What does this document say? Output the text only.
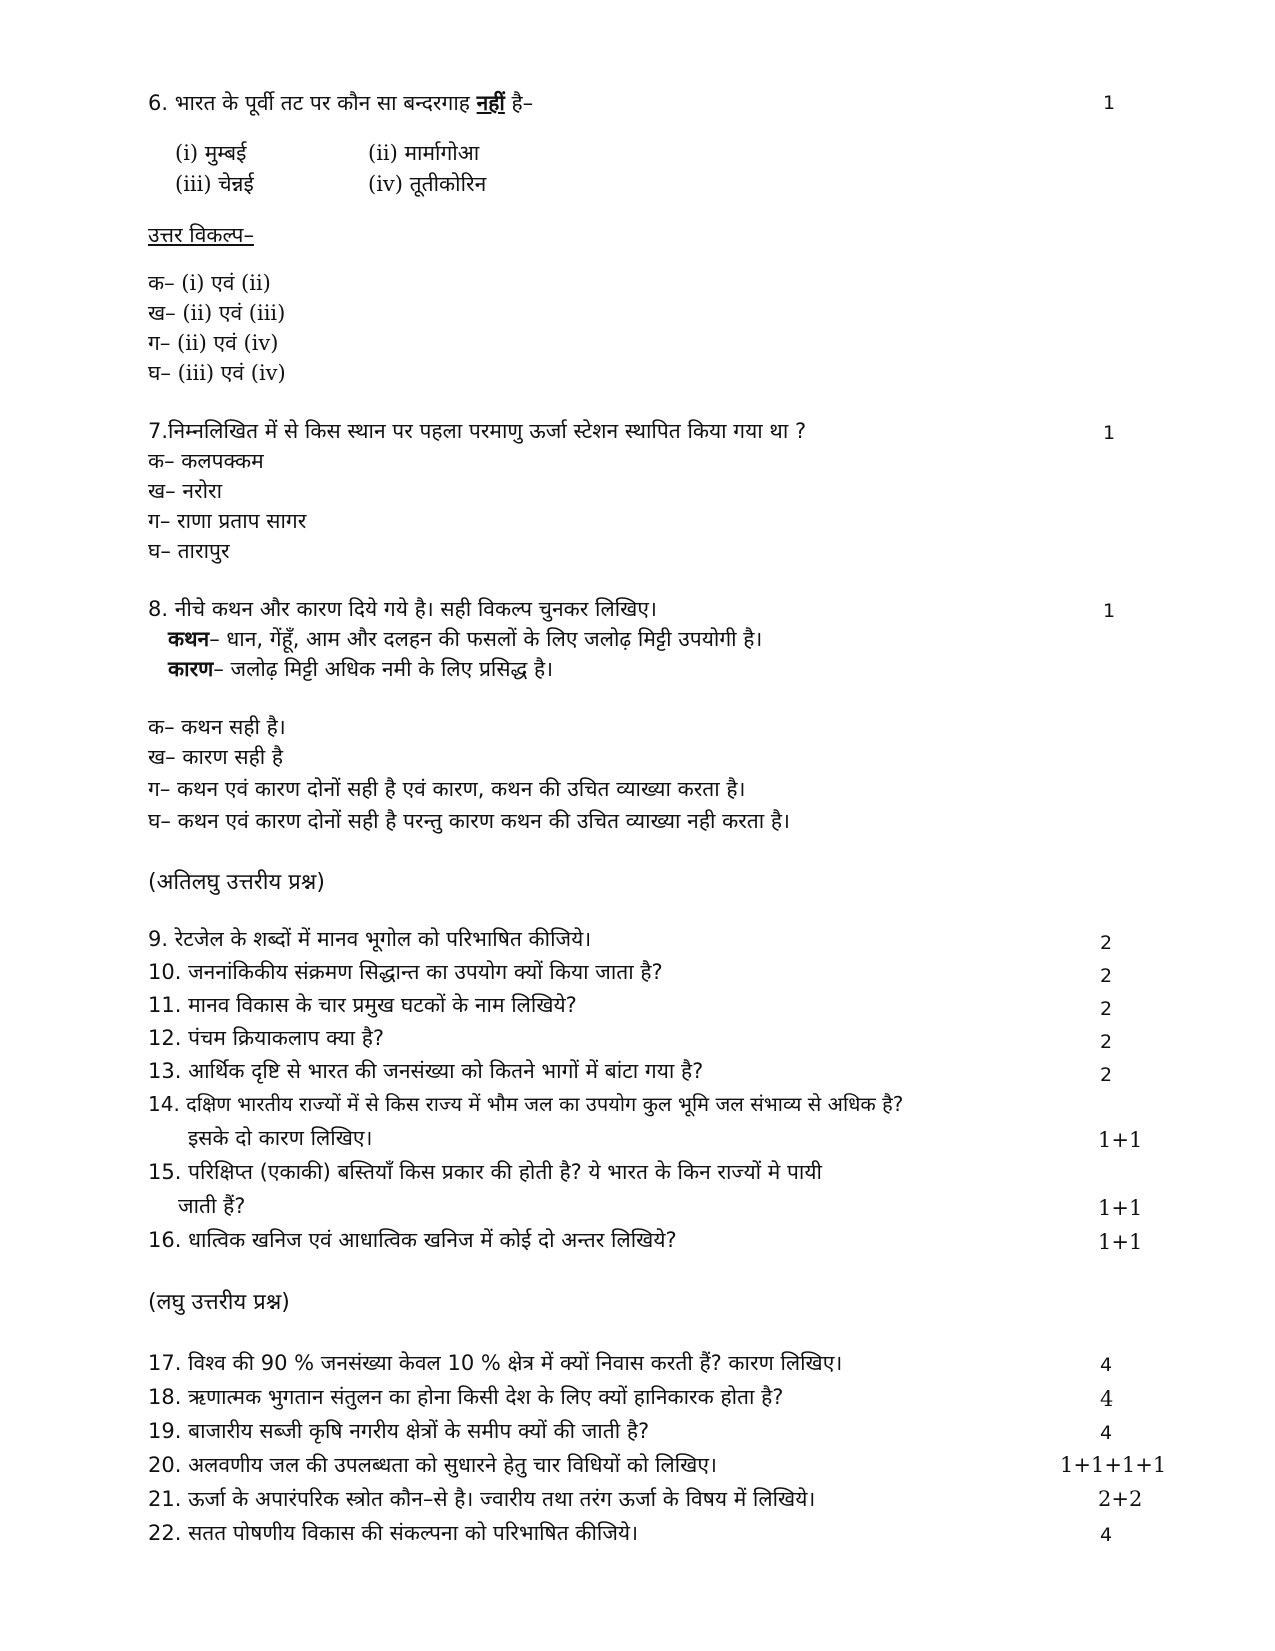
6. भारत के पूर्वी तट पर कौन सा बन्दरगाह नहीं है–	1
(i) मुम्बई	(ii) मार्मागोआ
(iii) चेन्नई	(iv) तूतीकोरिन
उत्तर विकल्प–
क– (i) एवं (ii)
ख– (ii) एवं (iii)
ग– (ii) एवं (iv)
घ– (iii) एवं (iv)
7.निम्नलिखित में से किस स्थान पर पहला परमाणु ऊर्जा स्टेशन स्थापित किया गया था ?	1
क– कलपक्कम
ख– नरोरा
ग– राणा प्रताप सागर
घ– तारापुर
8. नीचे कथन और कारण दिये गये है। सही विकल्प चुनकर लिखिए।	1
कथन– धान, गेंहूँ, आम और दलहन की फसलों के लिए जलोढ़ मिट्टी उपयोगी है।
कारण– जलोढ़ मिट्टी अधिक नमी के लिए प्रसिद्ध है।
क– कथन सही है।
ख– कारण सही है
ग– कथन एवं कारण दोनों सही है एवं कारण, कथन की उचित व्याख्या करता है।
घ– कथन एवं कारण दोनों सही है परन्तु कारण कथन की उचित व्याख्या नही करता है।
(अतिलघु उत्तरीय प्रश्न)
9. रेटजेल के शब्दों में मानव भूगोल को परिभाषित कीजिये।	2
10. जननांकिकीय संक्रमण सिद्धान्त का उपयोग क्यों किया जाता है?	2
11. मानव विकास के चार प्रमुख घटकों के नाम लिखिये?	2
12. पंचम क्रियाकलाप क्या है?	2
13. आर्थिक दृष्टि से भारत की जनसंख्या को कितने भागों में बांटा गया है?	2
14. दक्षिण भारतीय राज्यों में से किस राज्य में भौम जल का उपयोग कुल भूमि जल संभाव्य से अधिक है?
इसके दो कारण लिखिए।	1+1
15. परिक्षिप्त (एकाकी) बस्तियाँ किस प्रकार की होती है? ये भारत के किन राज्यों मे पायी
जाती हैं?	1+1
16. धात्विक खनिज एवं आधात्विक खनिज में कोई दो अन्तर लिखिये?	1+1
(लघु उत्तरीय प्रश्न)
17. विश्व की 90 % जनसंख्या केवल 10 % क्षेत्र में क्यों निवास करती हैं? कारण लिखिए।	4
18. ऋणात्मक भुगतान संतुलन का होना किसी देश के लिए क्यों हानिकारक होता है?	4
19. बाजारीय सब्जी कृषि नगरीय क्षेत्रों के समीप क्यों की जाती है?	4
20. अलवणीय जल की उपलब्धता को सुधारने हेतु चार विधियों को लिखिए।	1+1+1+1
21. ऊर्जा के अपारंपरिक स्त्रोत कौन–से है। ज्वारीय तथा तरंग ऊर्जा के विषय में लिखिये।	2+2
22. सतत पोषणीय विकास की संकल्पना को परिभाषित कीजिये।	4
